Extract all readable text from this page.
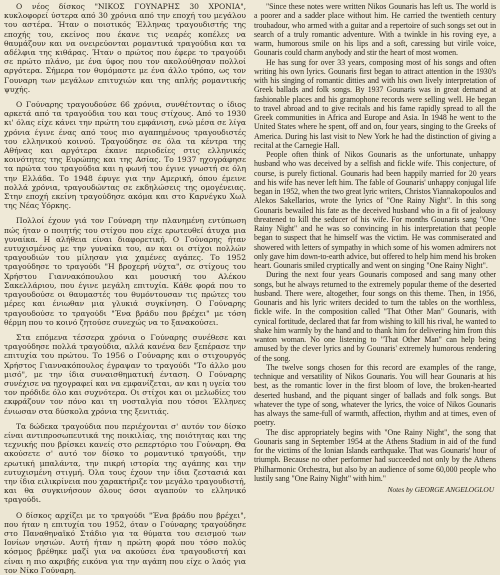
Ο νέος δίσκος "ΝΙΚΟΣ ΓΟΥΝΑΡΗΣ 30 ΧΡΟΝΙΑ", κυκλοφορεί ύστερα από 30 χρόνια από την εποχή του μεγάλου του αστέρα. Ήταν ο ποιοτικός Έλληνας τραγουδιστής της εποχής του, εκείνος που έκανε τις νεαρές κοπέλες να θαυμάζουν και να ονειρεύονται ρομαντικά τραγούδια και τα αδέλφια της κιθάρας. Ήταν ο πρώτος που έφερε το τραγούδι σε πρώτο πλάνο, με ένα ύφος που τον ακολούθησαν πολλοί αργότερα. Σήμερα τον θυμόμαστε με ένα άλλο τρόπο, ως τον Γουναρη των μεγάλων επιτυχιών και της απλής ρομαντικής ψυχής.

Ο Γούναρης τραγουδούσε 66 χρόνια, συνθέτοντας ο ίδιος αρκετά από τα τραγούδια του και τους στίχους. Από το 1930 κι' όλας είχε κάνει την πρώτη του εμφάνιση, ενώ μέσα σε λίγα χρόνια έγινε ένας από τους πιο αγαπημένους τραγουδιστές του ελληνικού κοινού. Τραγούδησε σε όλα τα κέντρα της Αθήνας και αργότερα έκανε περιοδείες στις ελληνικές κοινότητες της Ευρώπης και της Ασίας. Το 1937 ηχογράφησε τα πρώτα του τραγούδια και η φωνή του έγινε γνωστή σε όλη την Ελλάδα. Το 1948 έφυγε για την Αμερική, όπου έμεινε πολλά χρόνια, τραγουδώντας σε εκδηλώσεις της ομογένειας. Στην εποχή εκείνη τραγούδησε ακόμα και στο Καρνέγκυ Χωλ της Νέας Υόρκης.

Πολλοί έχουν γιά τον Γούναρη την πλανημένη εντύπωση πώς ήταν ο ποιητής του στίχου που είχε ερωτευθεί άτυχα μια γυναίκα. Η αλήθεια είναι διαφορετική. Ο Γούναρης ήταν ευτυχισμένος με την γυναίκα του, αν και οι στίχοι πολλών τραγουδιών του μίλησαν για χαμένες αγάπες. Το 1952 τραγούδησε το τραγούδι "Η βροχερή νύχτα", σε στίχους του Χρήστου Γιαννακόπουλου και μουσική του Αλέκου Σακελλάριου, που έγινε μεγάλη επιτυχία. Κάθε φορά που το τραγουδούσε οι θαυμαστές του θυμόντουσαν τις πρώτες του μέρες και ένιωθαν μια γλυκιά συγκίνηση. Ο Γούναρης τραγουδούσε το τραγούδι "Ένα βράδυ που βρέχει" με τόση θέρμη που το κοινό ζητούσε συνεχώς να το ξανακούσει.

Στα επόμενα τέσσερα χρόνια ο Γούναρης συνέθεσε και τραγούδησε πολλά τραγούδια, αλλά κανένα δεν ξεπέρασε την επιτυχία του πρώτου. Το 1956 ο Γούναρης και ο στιχουργός Χρήστος Γιαννακόπουλος έγραψαν το τραγούδι "Το άλλο μου μισό", με την ίδια συναισθηματική ένταση. Ο Γούναρης συνέχισε να ηχογραφεί και να εμφανίζεται, αν και η υγεία του τον πρόδιδε όλο και συχνότερα. Οι στίχοι και οι μελωδίες του εκφράζουν τον πόνο και τη νοσταλγία που τόσοι Έλληνες ένιωσαν στα δύσκολα χρόνια της ξενιτιάς.

Τα δώδεκα τραγούδια που περιέχονται σ' αυτόν τον δίσκο είναι αντιπροσωπευτικά της ποικιλίας, της ποιότητας και της τεχνικής που βρίσκει κανείς στο ρεπερτόριο του Γούναρη. Θα ακούσετε σ' αυτό τον δίσκο το ρομαντικό τραγούδι, την ερωτική μπαλάντα, την πικρή ιστορία της αγάπης και την ευτυχισμένη στιγμή. Όλα τους έχουν την ίδια ζεστασιά και την ίδια ειλικρίνεια που χαρακτήριζε τον μεγάλο τραγουδιστή, και θα συγκινήσουν όλους όσοι αγαπούν το ελληνικό τραγούδι.

Ο δίσκος αρχίζει με το τραγούδι "Ένα βράδυ που βρέχει", που ήταν η επιτυχία του 1952, όταν ο Γούναρης τραγούδησε στο Παναθηναϊκό Στάδιο για τα θύματα του σεισμού των Ιονίων νησιών. Αυτή ήταν η πρώτη φορά που τόσο πολύς κόσμος βρέθηκε μαζί για να ακούσει ένα τραγουδιστή και είναι η πιο ακριβής εικόνα για την αγάπη που είχε ο λαός για τον Νίκο Γούναρη.

"Since these notes were written Nikos Gounaris has left us. The world is a poorer and a sadder place without him. He carried the twentieth century troubadour, who armed with a guitar and a repertoire of such songs set out in search of a truly romantic adventure. With a twinkle in his roving eye, a warm, humorous smile on his lips and a soft, caressing but virile voice, Gounaris could charm anybody and stir the heart of most women.

He has sung for over 33 years, composing most of his songs and often writing his own lyrics. Gounaris first began to attract attention in the 1930's with his singing of romantic ditties and with his own lively interpretation of Greek ballads and folk songs. By 1937 Gounaris was in great demand at fashionable places and his gramophone records were selling well. He began to travel abroad and to give recitals and his fame rapidly spread to all the Greek communities in Africa and Europe and Asia. In 1948 he went to the United States where he spent, off and on, four years, singing to the Greeks of America. During his last visit to New York he had the distinction of giving a recital at the Carnegie Hall.

People often think of Nikos Gounaris as the unfortunate, unhappy husband who was deceived by a selfish and fickle wife. This conjecture, of course, is purely fictional. Gounaris had been happily married for 20 years and his wife has never left him. The fable of Gounaris' unhappy conjugal life began in 1952, when the two great lyric writers, Christos Yiannakopoulos and Alekos Sakellarios, wrote the lyrics of "One Rainy Night". In this song Gounaris bewailed his fate as the deceived husband who in a fit of jealousy threatened to kill the seducer of his wife. For months Gounaris sang "One Rainy Night" and he was so convincing in his interpretation that people began to suspect that he himself was the victim. He was commiserated and showered with letters of sympathy in which some of his women admirers not only gave him down-to-earth advice, but offered to help him mend his broken heart. Gounaris smiled cryptically and went on singing "One Rainy Night".

During the next four years Gounaris composed and sang many other songs, but he always returned to the extremely popular theme of the deserted husband. There were, altogether, four songs on this theme. Then, in 1956, Gounaris and his lyric writers decided to turn the tables on the worthless, fickle wife. In the composition called "That Other Man" Gounaris, with cynical fortitude, declared that far from wishing to kill his rival, he wanted to shake him warmly by the hand and to thank him for delivering him from this wanton woman. No one listening to "That Other Man" can help being amused by the clever lyrics and by Gounaris' extremely humorous rendering of the song.

The twelve songs chosen for this record are examples of the range, technique and versatility of Nikos Gounaris. You will hear Gounaris at his best, as the romantic lover in the first bloom of love, the broken-hearted deserted husband, and the piquant singer of ballads and folk songs. But whatever the type of song, whatever the lyrics, the voice of Nikos Gounaris has always the same-full of warmth, affection, rhythm and at times, even of poetry.

The disc appropriately begins with "One Rainy Night", the song that Gounaris sang in September 1954 at the Athens Stadium in aid of the fund for the victims of the Ionian Islands earthquake. That was Gounaris' hour of triumph. Because no other performer had succeeded not only by the Athens Philharmonic Orchestra, but also by an audience of some 60,000 people who lustily sang "One Rainy Night" with him."

Notes by GEORGE ANGELOGLOU
